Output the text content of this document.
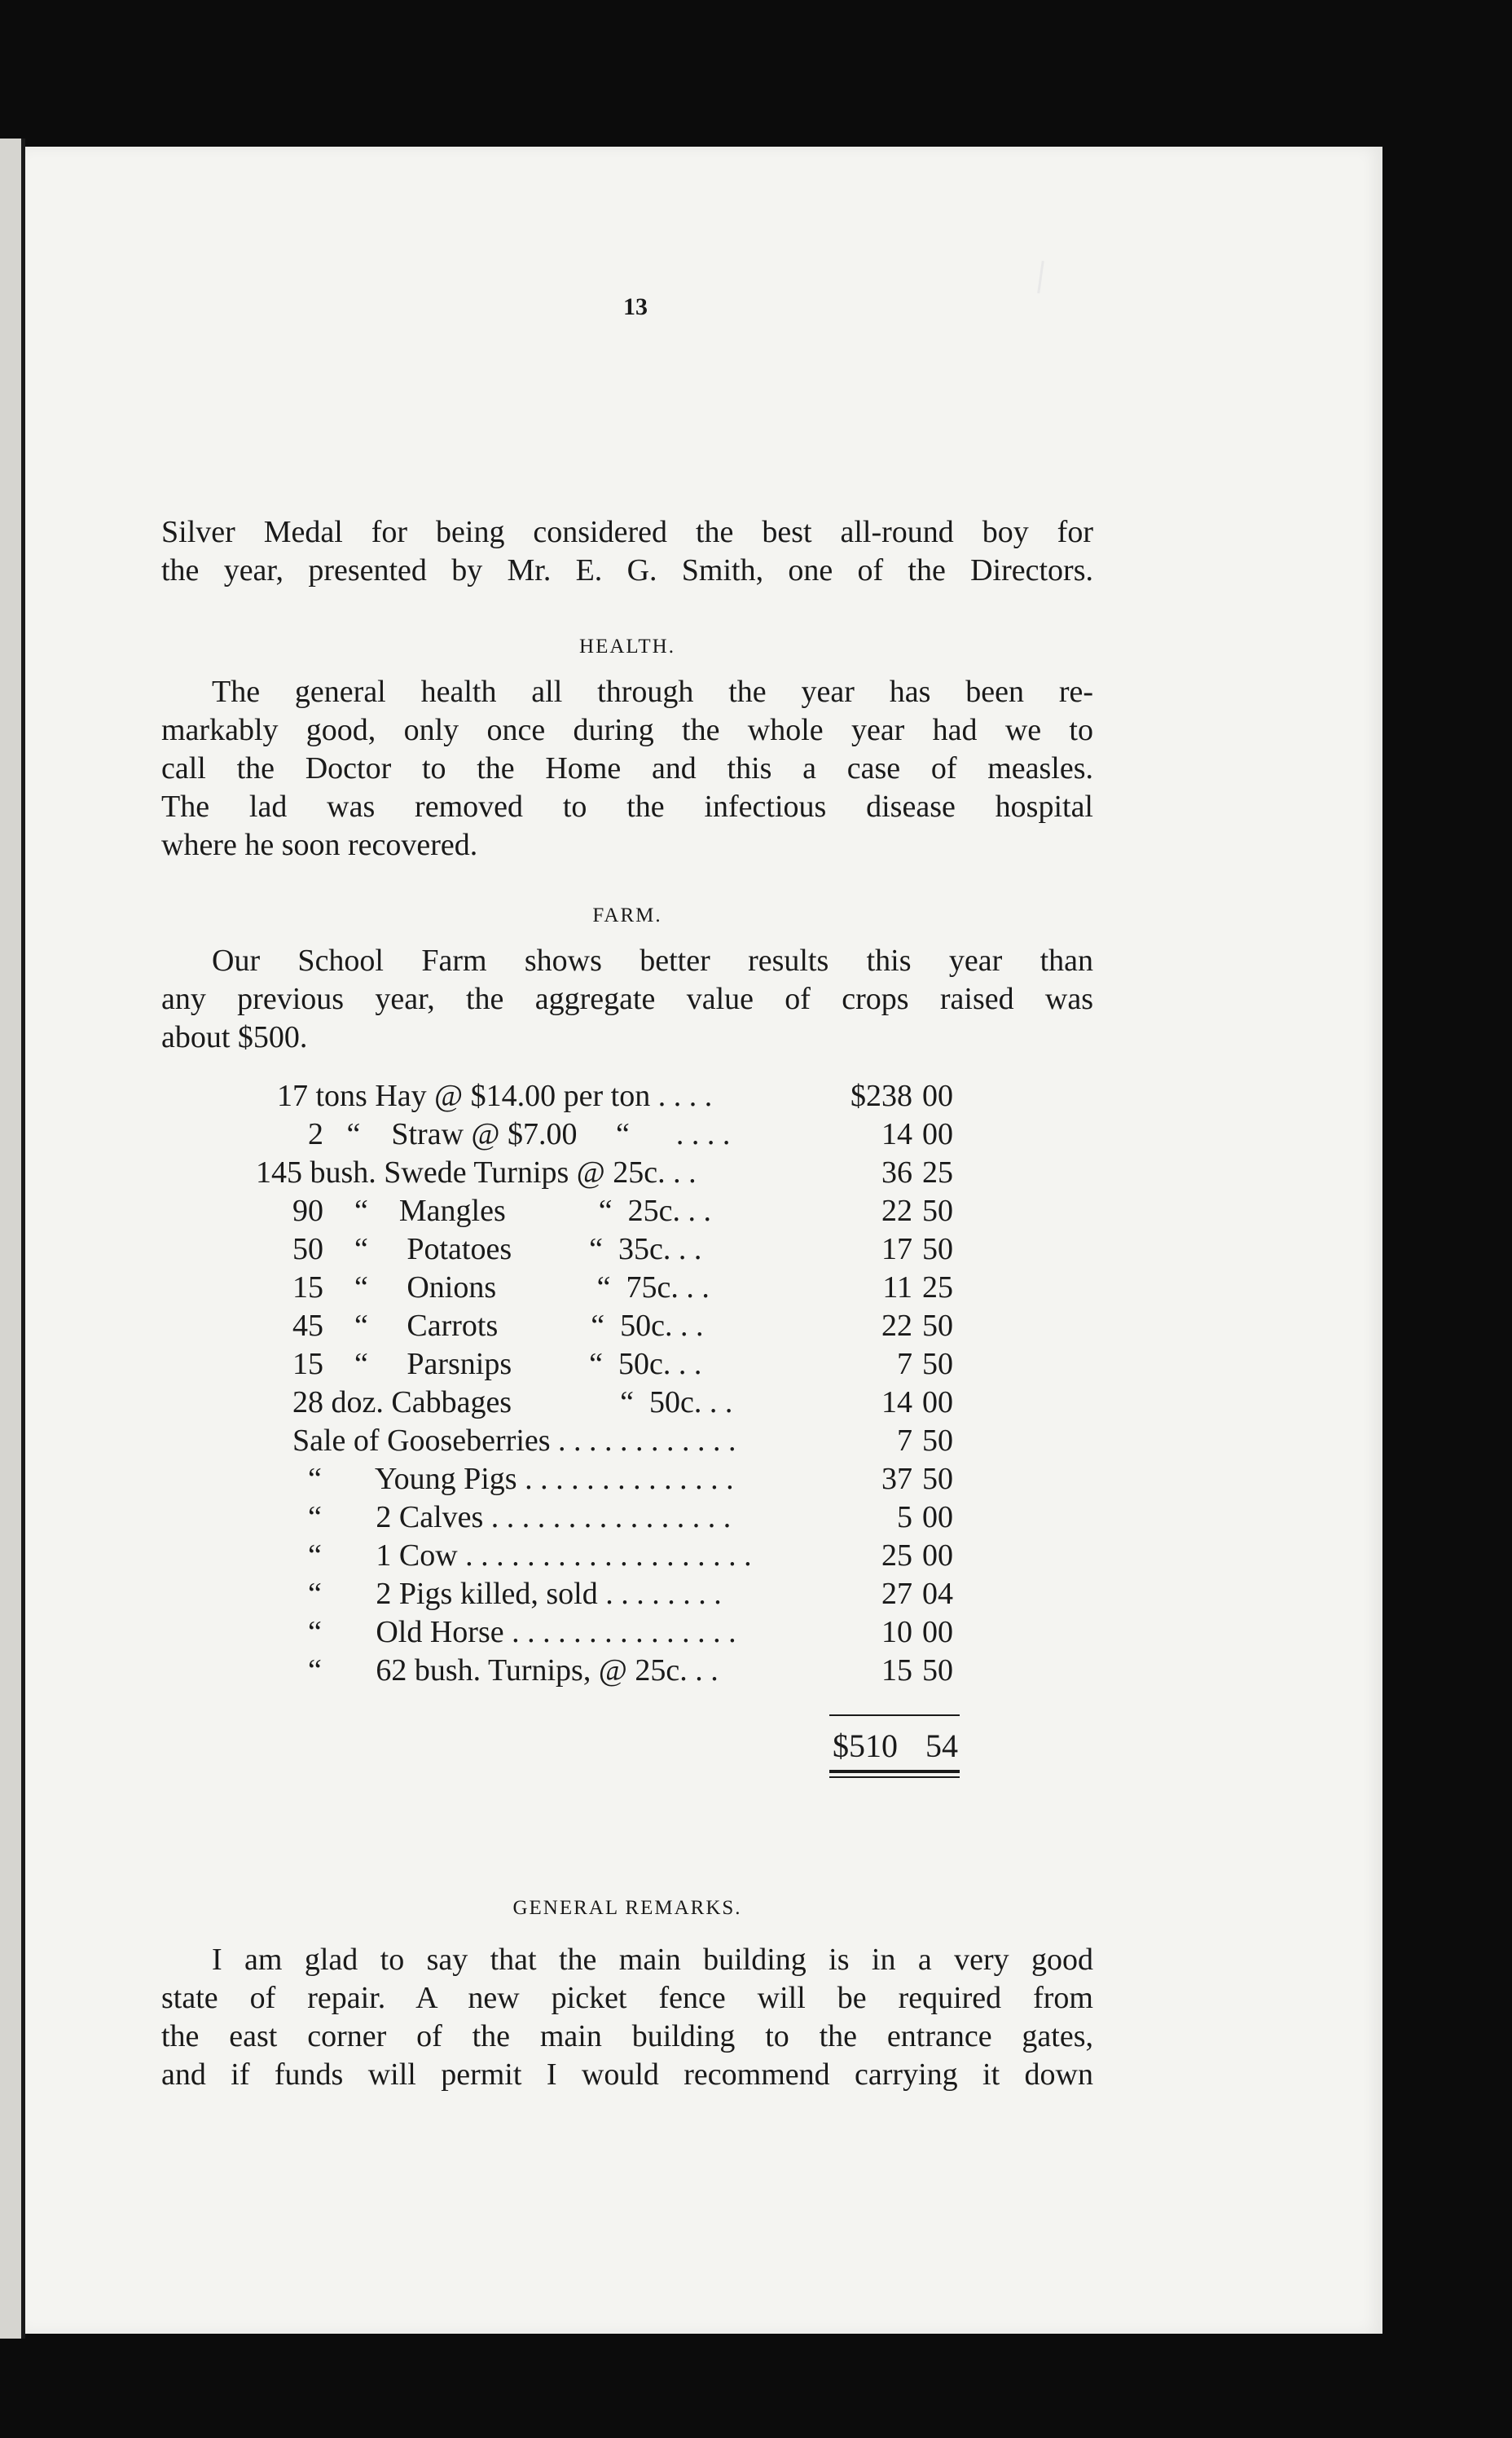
13

Silver Medal for being considered the best all-round boy for
the year, presented by Mr. E. G. Smith, one of the Directors.

HEALTH.

The general health all through the year has been re-
markably good, only once during the whole year had we to
call the Doctor to the Home and this a case of measles.
The lad was removed to the infectious disease hospital
where he soon recovered.

FARM.

Our School Farm shows better results this year than
any previous year, the aggregate value of crops raised was
about $500.

17 tons Hay @ $14.00 per ton . . . .	$238 00
2   “    Straw @ $7.00     “      . . . .	14 00
145 bush. Swede Turnips @ 25c. . .	36 25
90    “    Mangles            “  25c. . .	22 50
50    “     Potatoes          “  35c. . .	17 50
15    “     Onions             “  75c. . .	11 25
45    “     Carrots            “  50c. . .	22 50
15    “     Parsnips          “  50c. . .	7 50
28 doz. Cabbages              “  50c. . .	14 00
Sale of Gooseberries . . . . . . . . . . . .	7 50
“       Young Pigs . . . . . . . . . . . . . .	37 50
“       2 Calves . . . . . . . . . . . . . . . .	5 00
“       1 Cow . . . . . . . . . . . . . . . . . . .	25 00
“       2 Pigs killed, sold . . . . . . . .	27 04
“       Old Horse . . . . . . . . . . . . . . .	10 00
“       62 bush. Turnips, @ 25c. . .	15 50
$510 54
GENERAL REMARKS.

I am glad to say that the main building is in a very good
state of repair. A new picket fence will be required from
the east corner of the main building to the entrance gates,
and if funds will permit I would recommend carrying it down
